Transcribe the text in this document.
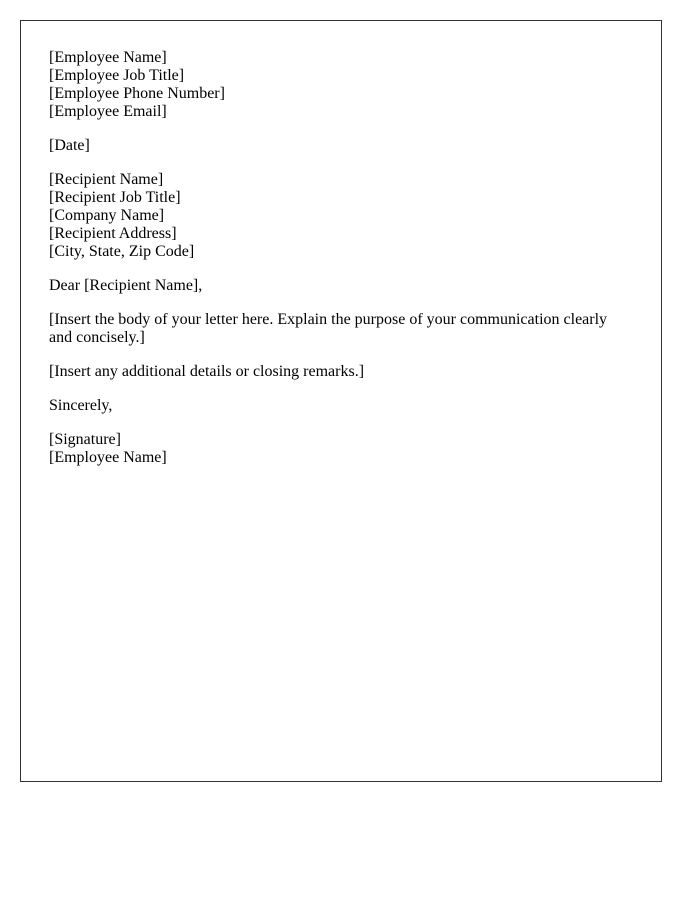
[Employee Name]
[Employee Job Title]
[Employee Phone Number]
[Employee Email]
[Date]
[Recipient Name]
[Recipient Job Title]
[Company Name]
[Recipient Address]
[City, State, Zip Code]
Dear [Recipient Name],
[Insert the body of your letter here. Explain the purpose of your communication clearly and concisely.]
[Insert any additional details or closing remarks.]
Sincerely,
[Signature]
[Employee Name]
